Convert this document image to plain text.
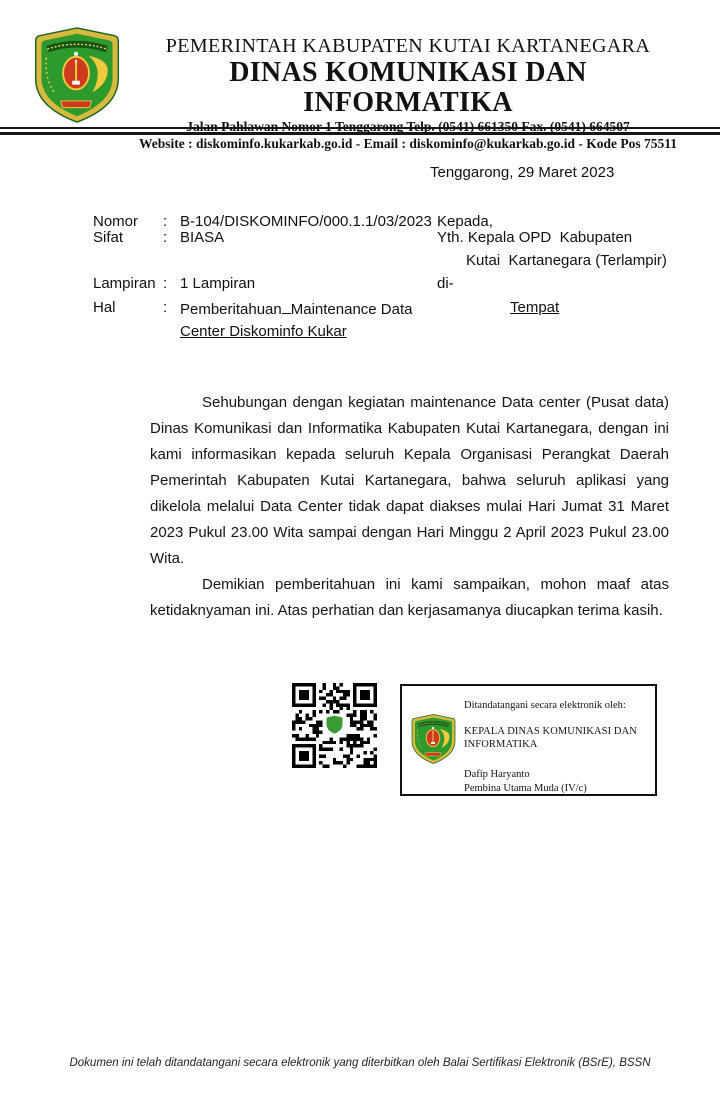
PEMERINTAH KABUPATEN KUTAI KARTANEGARA
DINAS KOMUNIKASI DAN INFORMATIKA
Jalan Pahlawan Nomor 1 Tenggarong Telp. (0541) 661350 Fax. (0541) 664507
Website : diskominfo.kukarkab.go.id - Email : diskominfo@kukarkab.go.id - Kode Pos 75511
Tenggarong, 29 Maret 2023
Nomor : B-104/DISKOMINFO/000.1.1/03/2023
Sifat	: BIASA
Lampiran : 1 Lampiran
Hal	: Pemberitahuan Maintenance Data
Center Diskominfo Kukar
Kepada,
Yth. Kepala OPD  Kabupaten
Kutai  Kartanegara (Terlampir)
di-
Tempat

Sehubungan dengan kegiatan maintenance Data center (Pusat data) Dinas Komunikasi dan Informatika Kabupaten Kutai Kartanegara, dengan ini kami informasikan kepada seluruh Kepala Organisasi Perangkat Daerah Pemerintah Kabupaten Kutai Kartanegara, bahwa seluruh aplikasi yang dikelola melalui Data Center tidak dapat diakses mulai Hari Jumat 31 Maret 2023 Pukul 23.00 Wita sampai dengan Hari Minggu 2 April 2023 Pukul 23.00 Wita.

Demikian pemberitahuan ini kami sampaikan, mohon maaf atas ketidaknyaman ini. Atas perhatian dan kerjasamanya diucapkan terima kasih.

Ditandatangani secara elektronik oleh:
KEPALA DINAS KOMUNIKASI DAN INFORMATIKA
Dafip Haryanto
Pembina Utama Muda (IV/c)
Dokumen ini telah ditandatangani secara elektronik yang diterbitkan oleh Balai Sertifikasi Elektronik (BSrE), BSSN
